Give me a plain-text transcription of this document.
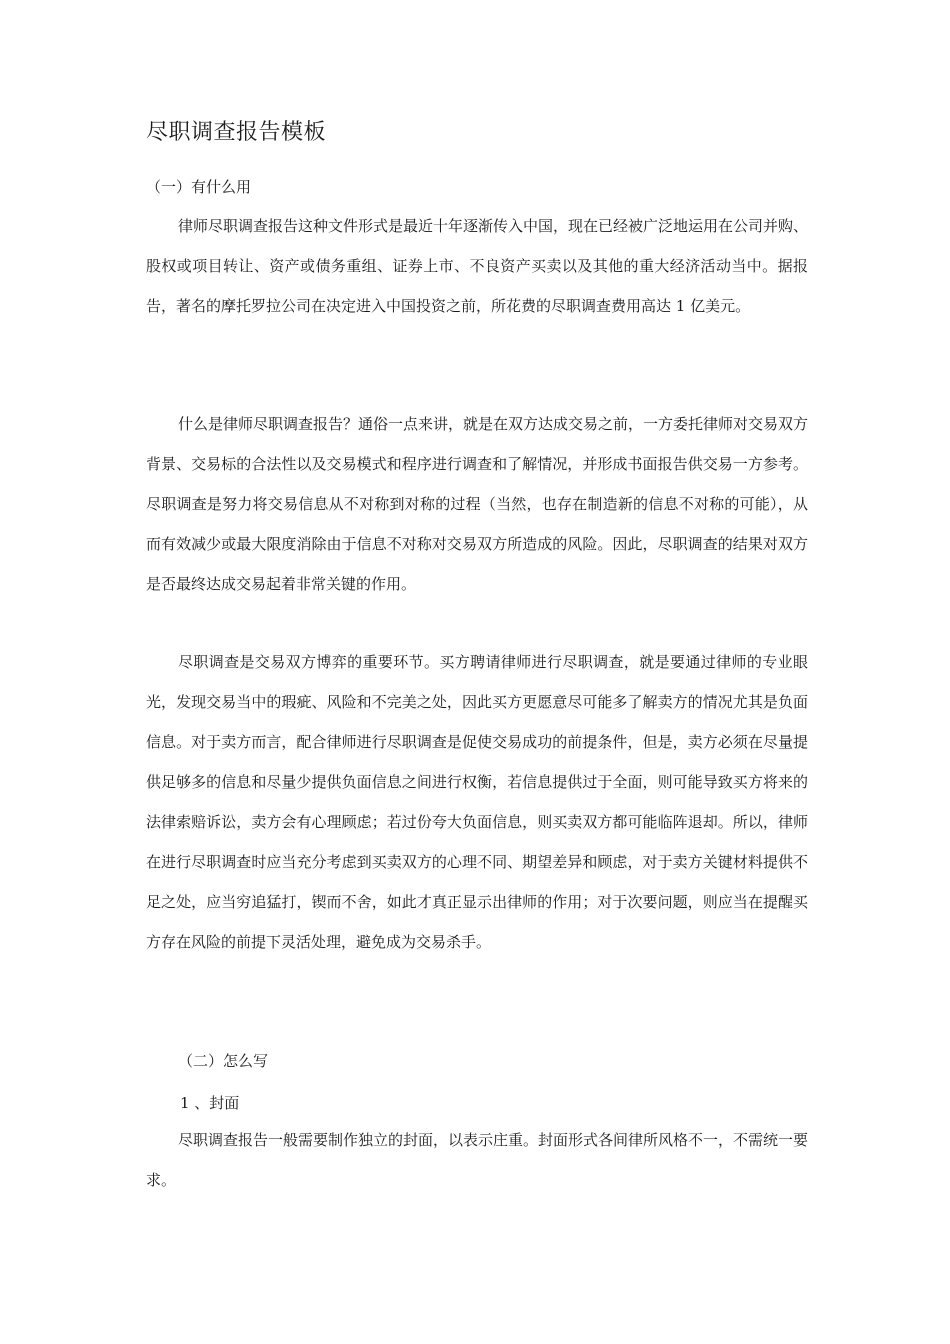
尽职调查报告模板

（一）有什么用

律师尽职调查报告这种文件形式是最近十年逐渐传入中国，现在已经被广泛地运用在公司并购、股权或项目转让、资产或债务重组、证券上市、不良资产买卖以及其他的重大经济活动当中。据报告，著名的摩托罗拉公司在决定进入中国投资之前，所花费的尽职调查费用高达 1 亿美元。

什么是律师尽职调查报告？通俗一点来讲，就是在双方达成交易之前，一方委托律师对交易双方背景、交易标的合法性以及交易模式和程序进行调查和了解情况，并形成书面报告供交易一方参考。尽职调查是努力将交易信息从不对称到对称的过程（当然，也存在制造新的信息不对称的可能），从而有效减少或最大限度消除由于信息不对称对交易双方所造成的风险。因此，尽职调查的结果对双方是否最终达成交易起着非常关键的作用。

尽职调查是交易双方博弈的重要环节。买方聘请律师进行尽职调查，就是要通过律师的专业眼光，发现交易当中的瑕疵、风险和不完美之处，因此买方更愿意尽可能多了解卖方的情况尤其是负面信息。对于卖方而言，配合律师进行尽职调查是促使交易成功的前提条件，但是，卖方必须在尽量提供足够多的信息和尽量少提供负面信息之间进行权衡，若信息提供过于全面，则可能导致买方将来的法律索赔诉讼，卖方会有心理顾虑；若过份夸大负面信息，则买卖双方都可能临阵退却。所以，律师在进行尽职调查时应当充分考虑到买卖双方的心理不同、期望差异和顾虑，对于卖方关键材料提供不足之处，应当穷追猛打，锲而不舍，如此才真正显示出律师的作用；对于次要问题，则应当在提醒买方存在风险的前提下灵活处理，避免成为交易杀手。

（二）怎么写

1 、封面

尽职调查报告一般需要制作独立的封面，以表示庄重。封面形式各间律所风格不一，不需统一要求。
